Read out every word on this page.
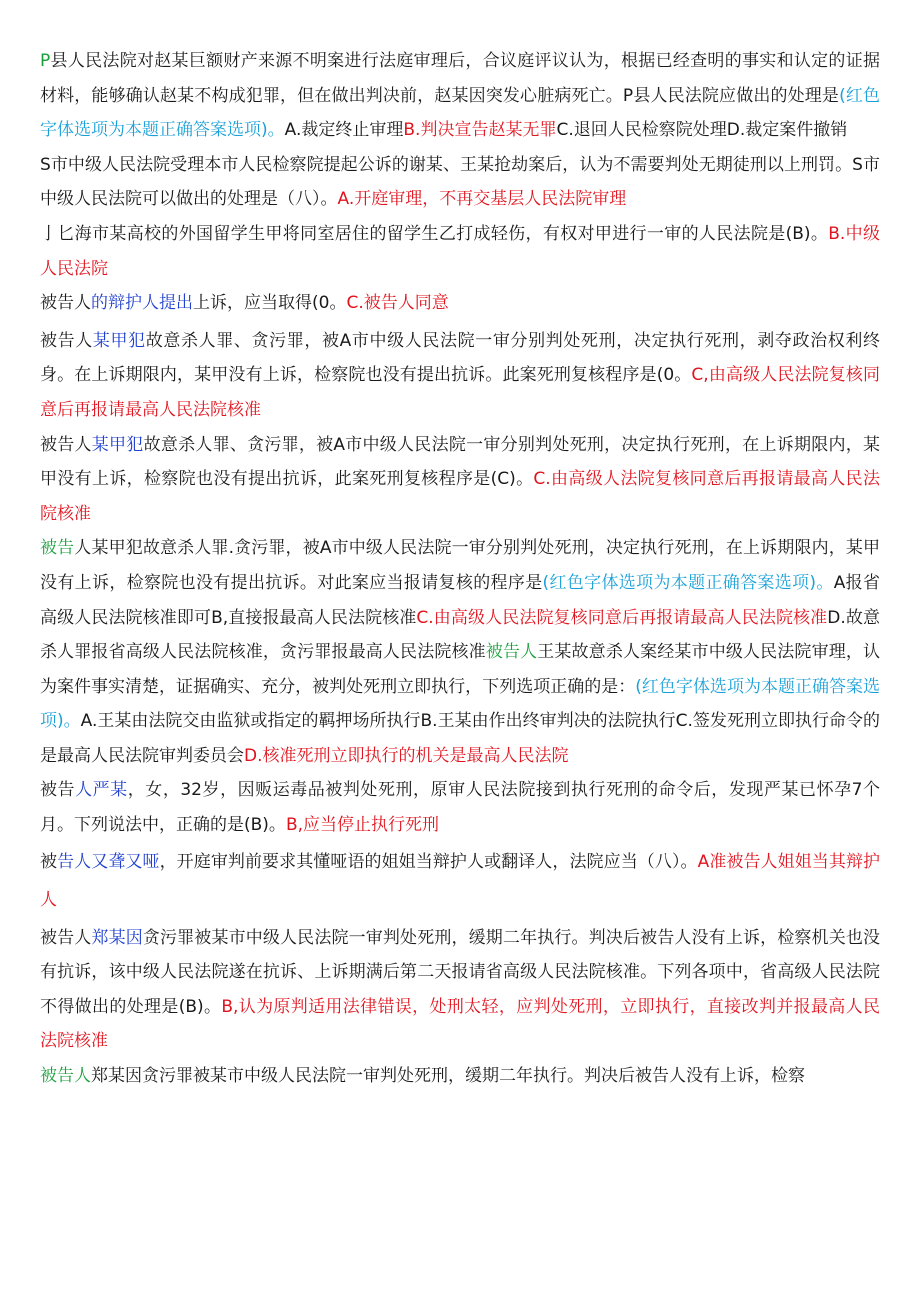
P县人民法院对赵某巨额财产来源不明案进行法庭审理后，合议庭评议认为，根据已经查明的事实和认定的证据材料，能够确认赵某不构成犯罪，但在做出判决前，赵某因突发心脏病死亡。P县人民法院应做出的处理是(红色字体选项为本题正确答案选项)。A.裁定终止审理B.判决宣告赵某无罪C.退回人民检察院处理D.裁定案件撤销

S市中级人民法院受理本市人民检察院提起公诉的谢某、王某抢劫案后，认为不需要判处无期徒刑以上刑罚。S市中级人民法院可以做出的处理是（八）。A.开庭审理，不再交基层人民法院审理

亅匕海市某高校的外国留学生甲将同室居住的留学生乙打成轻伤，有权对甲进行一审的人民法院是(B)。B.中级人民法院

被告人的辩护人提出上诉，应当取得(0。C.被告人同意

被告人某甲犯故意杀人罪、贪污罪，被A市中级人民法院一审分别判处死刑，决定执行死刑，剥夺政治权利终身。在上诉期限内，某甲没有上诉，检察院也没有提出抗诉。此案死刑复核程序是(0。C,由高级人民法院复核同意后再报请最高人民法院核准

被告人某甲犯故意杀人罪、贪污罪，被A市中级人民法院一审分别判处死刑，决定执行死刑，在上诉期限内，某甲没有上诉，检察院也没有提出抗诉，此案死刑复核程序是(C)。C.由高级人法院复核同意后再报请最高人民法院核准

被告人某甲犯故意杀人罪.贪污罪，被A市中级人民法院一审分别判处死刑，决定执行死刑，在上诉期限内，某甲没有上诉，检察院也没有提出抗诉。对此案应当报请复核的程序是(红色字体选项为本题正确答案选项)。A报省高级人民法院核准即可B,直接报最高人民法院核准C.由高级人民法院复核同意后再报请最高人民法院核准D.故意杀人罪报省高级人民法院核准，贪污罪报最高人民法院核准被告人王某故意杀人案经某市中级人民法院审理，认为案件事实清楚，证据确实、充分，被判处死刑立即执行，下列选项正确的是：(红色字体选项为本题正确答案选项)。A.王某由法院交由监狱或指定的羁押场所执行B.王某由作出终审判决的法院执行C.签发死刑立即执行命令的是最高人民法院审判委员会D.核准死刑立即执行的机关是最高人民法院

被告人严某，女，32岁，因贩运毒品被判处死刑，原审人民法院接到执行死刑的命令后，发现严某已怀孕7个月。下列说法中，正确的是(B)。B,应当停止执行死刑

被告人又聋又哑，开庭审判前要求其懂哑语的姐姐当辩护人或翻译人，法院应当（八）。A准被告人姐姐当其辩护人

被告人郑某因贪污罪被某市中级人民法院一审判处死刑，缓期二年执行。判决后被告人没有上诉，检察机关也没有抗诉，该中级人民法院遂在抗诉、上诉期满后第二天报请省高级人民法院核准。下列各项中，省高级人民法院不得做出的处理是(B)。B,认为原判适用法律错误，处刑太轻，应判处死刑，立即执行，直接改判并报最高人民法院核准

被告人郑某因贪污罪被某市中级人民法院一审判处死刑，缓期二年执行。判决后被告人没有上诉，检察
